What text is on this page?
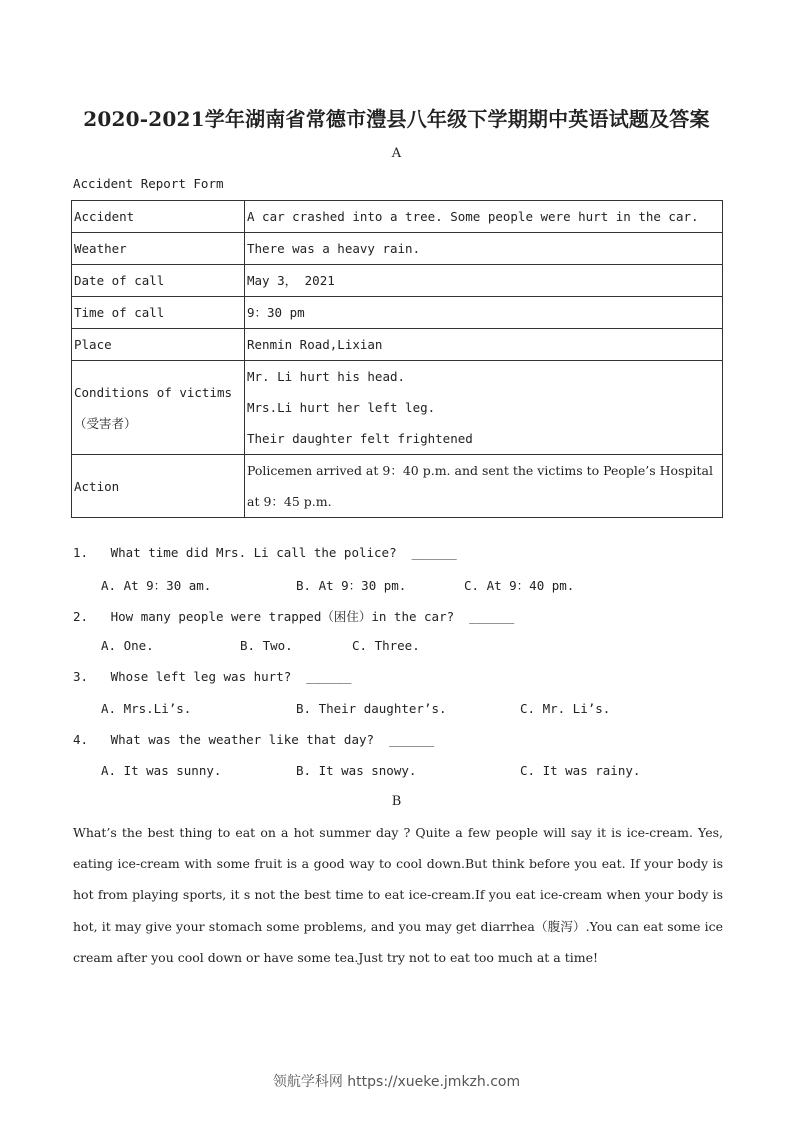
2020-2021学年湖南省常德市澧县八年级下学期期中英语试题及答案
A
Accident Report Form
Accident	A car crashed into a tree. Some people were hurt in the car.

Weather	There was a heavy rain.

Date of call	May 3， 2021

Time of call	9：30 pm

Place	Renmin Road,Lixian

Conditions of victims（受害者）	Mr. Li hurt his head.
Mrs.Li hurt her left leg.
Their daughter felt frightened

Action	Policemen arrived at 9：40 p.m. and sent the victims to People’s Hospital
at 9：45 p.m.
1.   What time did Mrs. Li call the police?  ______
A. At 9：30 am.	B. At 9：30 pm.	C. At 9：40 pm.
2.   How many people were trapped（困住）in the car?  ______
A. One.	B. Two.	C. Three.
3.   Whose left leg was hurt?  ______
A. Mrs.Li’s.	B. Their daughter’s.	C. Mr. Li’s.
4.   What was the weather like that day?  ______
A. It was sunny.	B. It was snowy.	C. It was rainy.
B
What’s the best thing to eat on a hot summer day ? Quite a few people will say it is ice-cream. Yes, eating ice-cream with some fruit is a good way to cool down.But think before you eat. If your body is hot from playing sports, it s not the best time to eat ice-cream.If you eat ice-cream when your body is hot, it may give your stomach some problems, and you may get diarrhea（腹泻）.You can eat some ice cream after you cool down or have some tea.Just try not to eat too much at a time!
领航学科网 https://xueke.jmkzh.com
